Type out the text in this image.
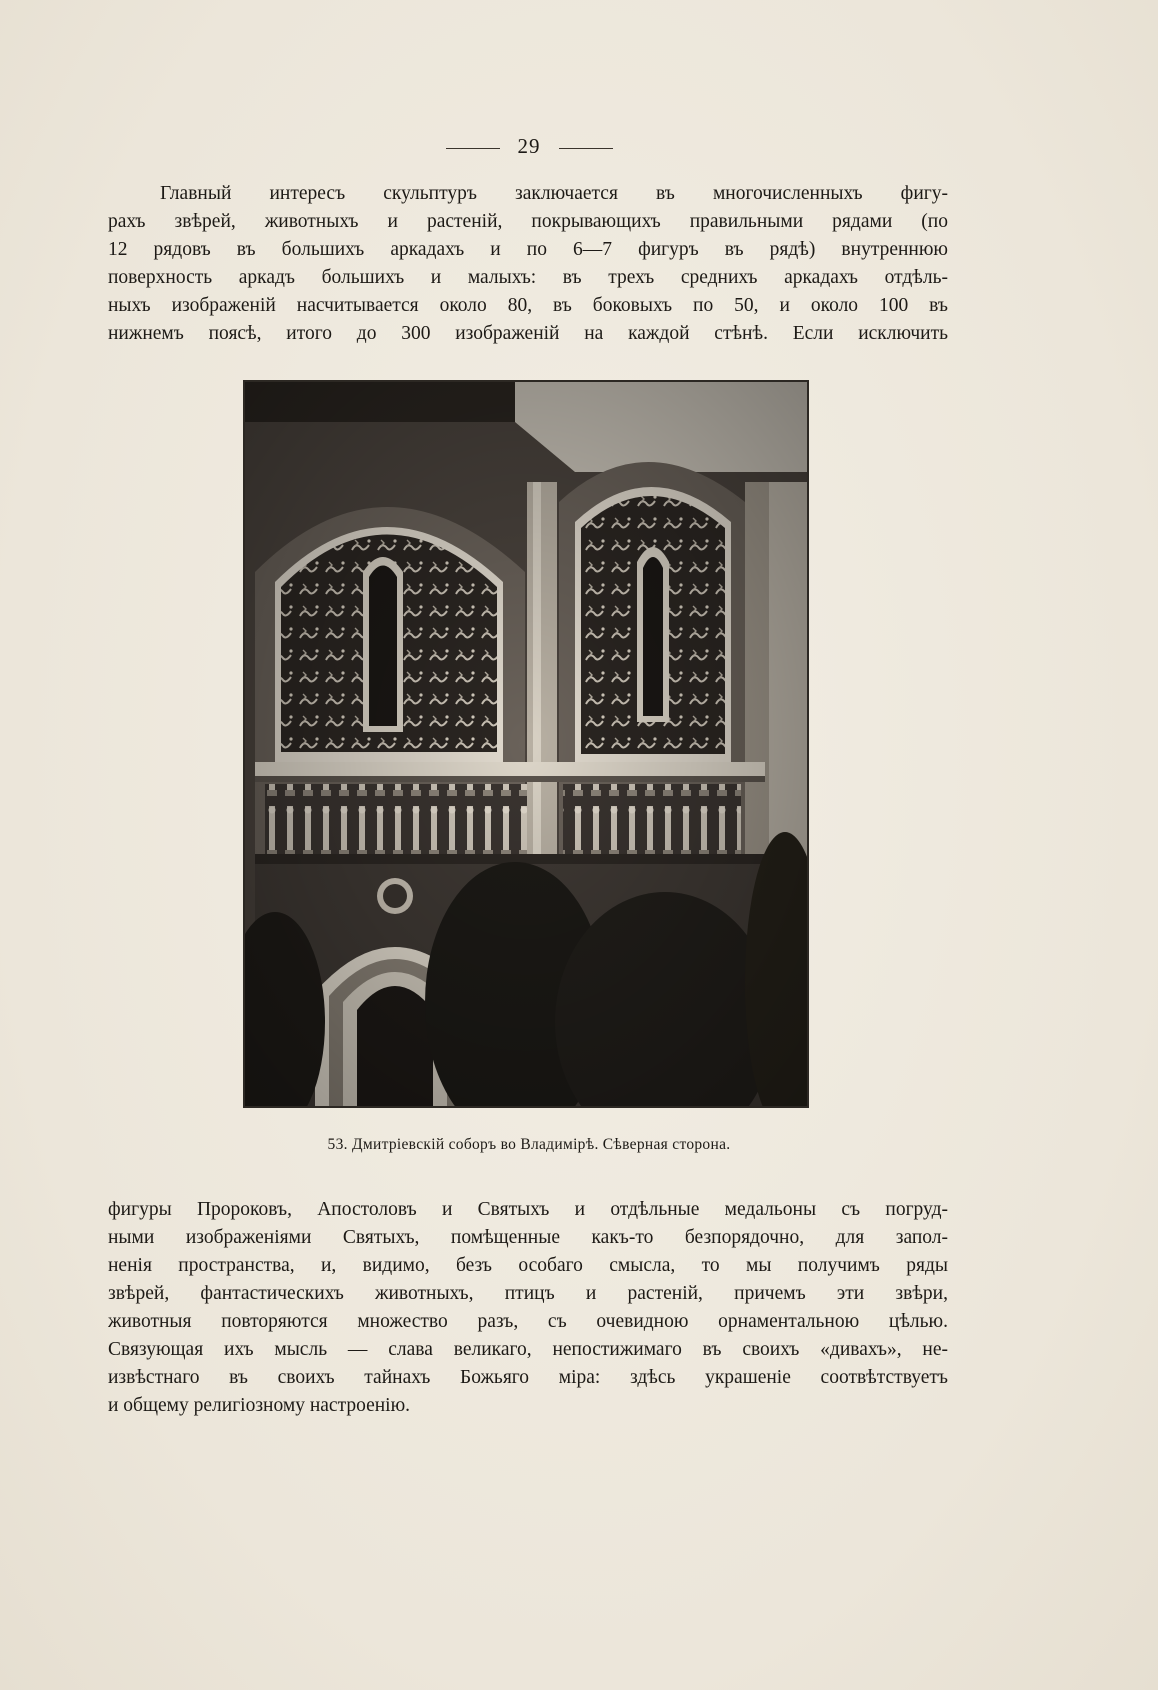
29
Главный интересъ скульптуръ заключается въ многочисленныхъ фигу-
рахъ звѣрей, животныхъ и растеній, покрывающихъ правильными рядами (по
12 рядовъ въ большихъ аркадахъ и по 6—7 фигуръ въ рядѣ) внутреннюю
поверхность аркадъ большихъ и малыхъ: въ трехъ среднихъ аркадахъ отдѣль-
ныхъ изображеній насчитывается около 80, въ боковыхъ по 50, и около 100 въ
нижнемъ поясѣ, итого до 300 изображеній на каждой стѣнѣ. Если исключить
53. Дмитріевскій соборъ во Владимірѣ. Сѣверная сторона.
фигуры Пророковъ, Апостоловъ и Святыхъ и отдѣльные медальоны съ погруд-
ными изображеніями Святыхъ, помѣщенные какъ-то безпорядочно, для запол-
ненія пространства, и, видимо, безъ особаго смысла, то мы получимъ ряды
звѣрей, фантастическихъ животныхъ, птицъ и растеній, причемъ эти звѣри,
животныя повторяются множество разъ, съ очевидною орнаментальною цѣлью.
Связующая ихъ мысль — слава великаго, непостижимаго въ своихъ «дивахъ», не-
извѣстнаго въ своихъ тайнахъ Божьяго міра: здѣсь украшеніе соотвѣтствуетъ
и общему религіозному настроенію.
